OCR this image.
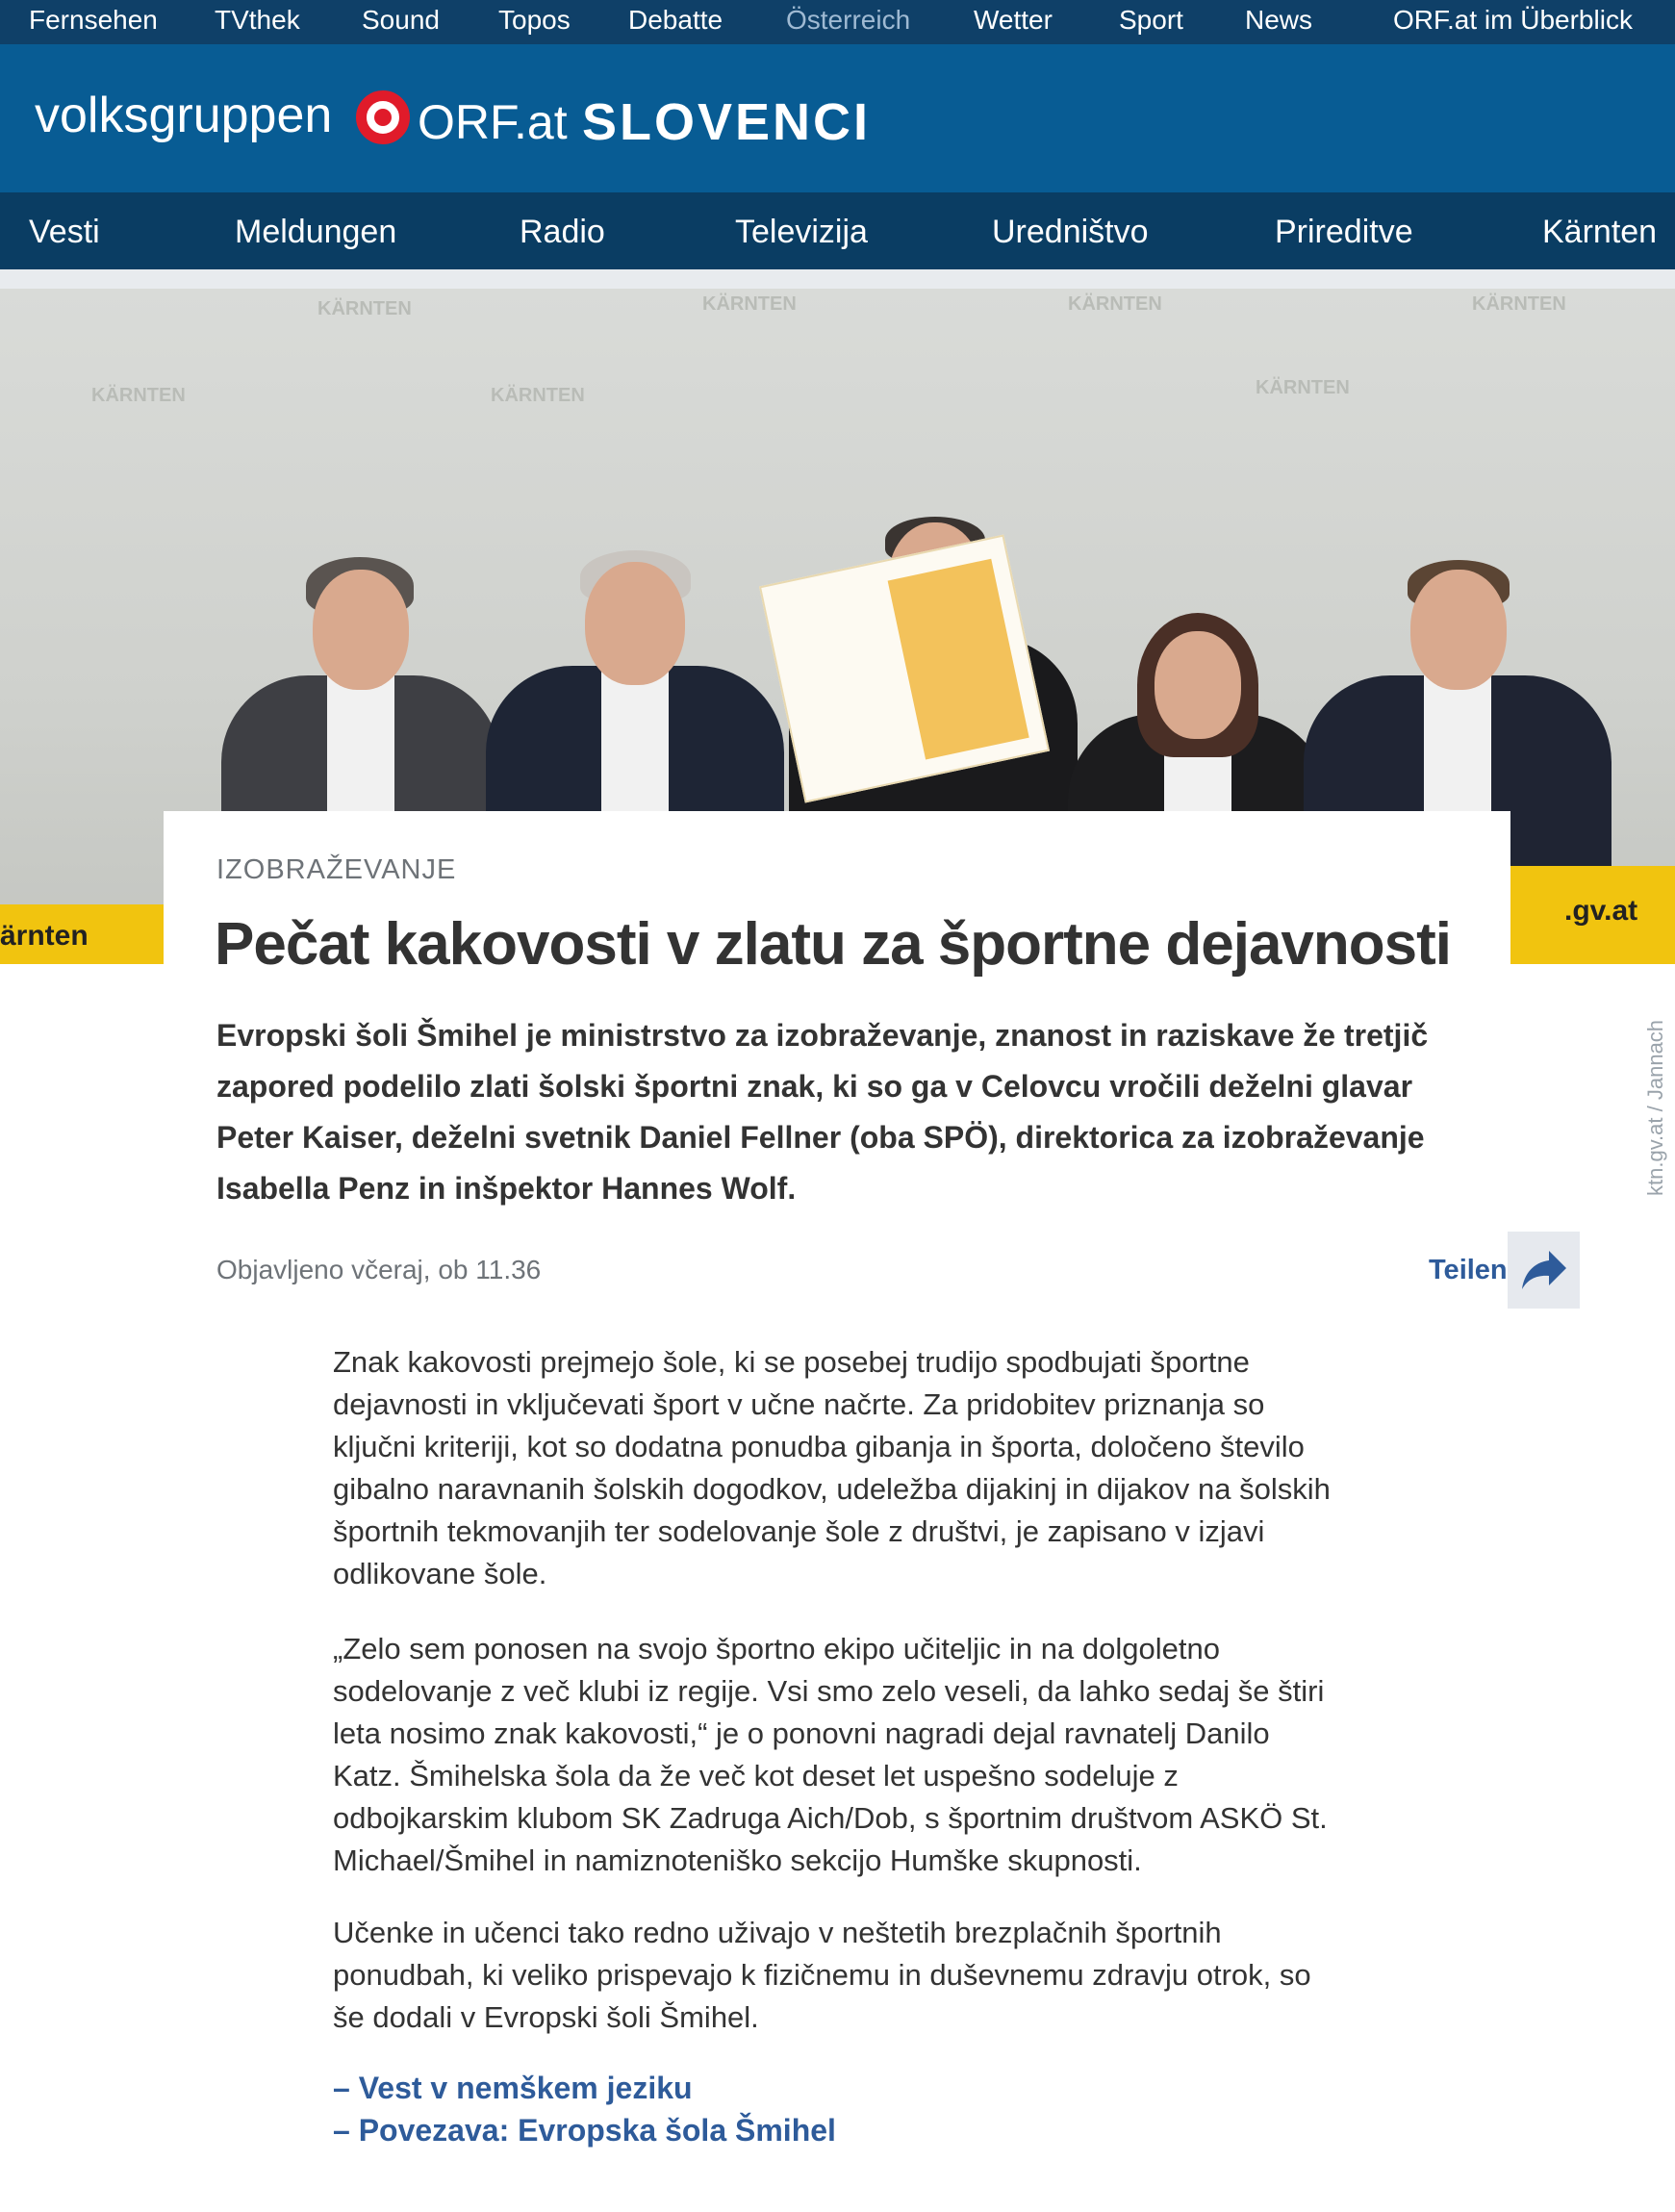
Fernsehen TVthek Sound Topos Debatte Österreich Wetter Sport News	ORF.at im Überblick
volksgruppen ORF.at SLOVENCI
Vesti	Meldungen	Radio	Televizija	Uredništvo	Prireditve	Kärnten
KÄRNTEN	KÄRNTEN	KÄRNTEN
KÄRNTEN	KÄRNTEN	KÄRNTEN
KÄRNTEN
ärnten
.gv.at
ktn.gv.at / Jannach
IZOBRAŽEVANJE
Pečat kakovosti v zlatu za športne dejavnosti

Evropski šoli Šmihel je ministrstvo za izobraževanje, znanost in raziskave že tretjič zapored podelilo zlati šolski športni znak, ki so ga v Celovcu vročili deželni glavar Peter Kaiser, deželni svetnik Daniel Fellner (oba SPÖ), direktorica za izobraževanje Isabella Penz in inšpektor Hannes Wolf.

Objavljeno včeraj, ob 11.36	Teilen

Znak kakovosti prejmejo šole, ki se posebej trudijo spodbujati športne dejavnosti in vključevati šport v učne načrte. Za pridobitev priznanja so ključni kriteriji, kot so dodatna ponudba gibanja in športa, določeno število gibalno naravnanih šolskih dogodkov, udeležba dijakinj in dijakov na šolskih športnih tekmovanjih ter sodelovanje šole z društvi, je zapisano v izjavi odlikovane šole.

„Zelo sem ponosen na svojo športno ekipo učiteljic in na dolgoletno sodelovanje z več klubi iz regije. Vsi smo zelo veseli, da lahko sedaj še štiri leta nosimo znak kakovosti,“ je o ponovni nagradi dejal ravnatelj Danilo Katz. Šmihelska šola da že več kot deset let uspešno sodeluje z odbojkarskim klubom SK Zadruga Aich/Dob, s športnim društvom ASKÖ St. Michael/Šmihel in namiznoteniško sekcijo Humške skupnosti.

Učenke in učenci tako redno uživajo v neštetih brezplačnih športnih ponudbah, ki veliko prispevajo k fizičnemu in duševnemu zdravju otrok, so še dodali v Evropski šoli Šmihel.

– Vest v nemškem jeziku
– Povezava: Evropska šola Šmihel
